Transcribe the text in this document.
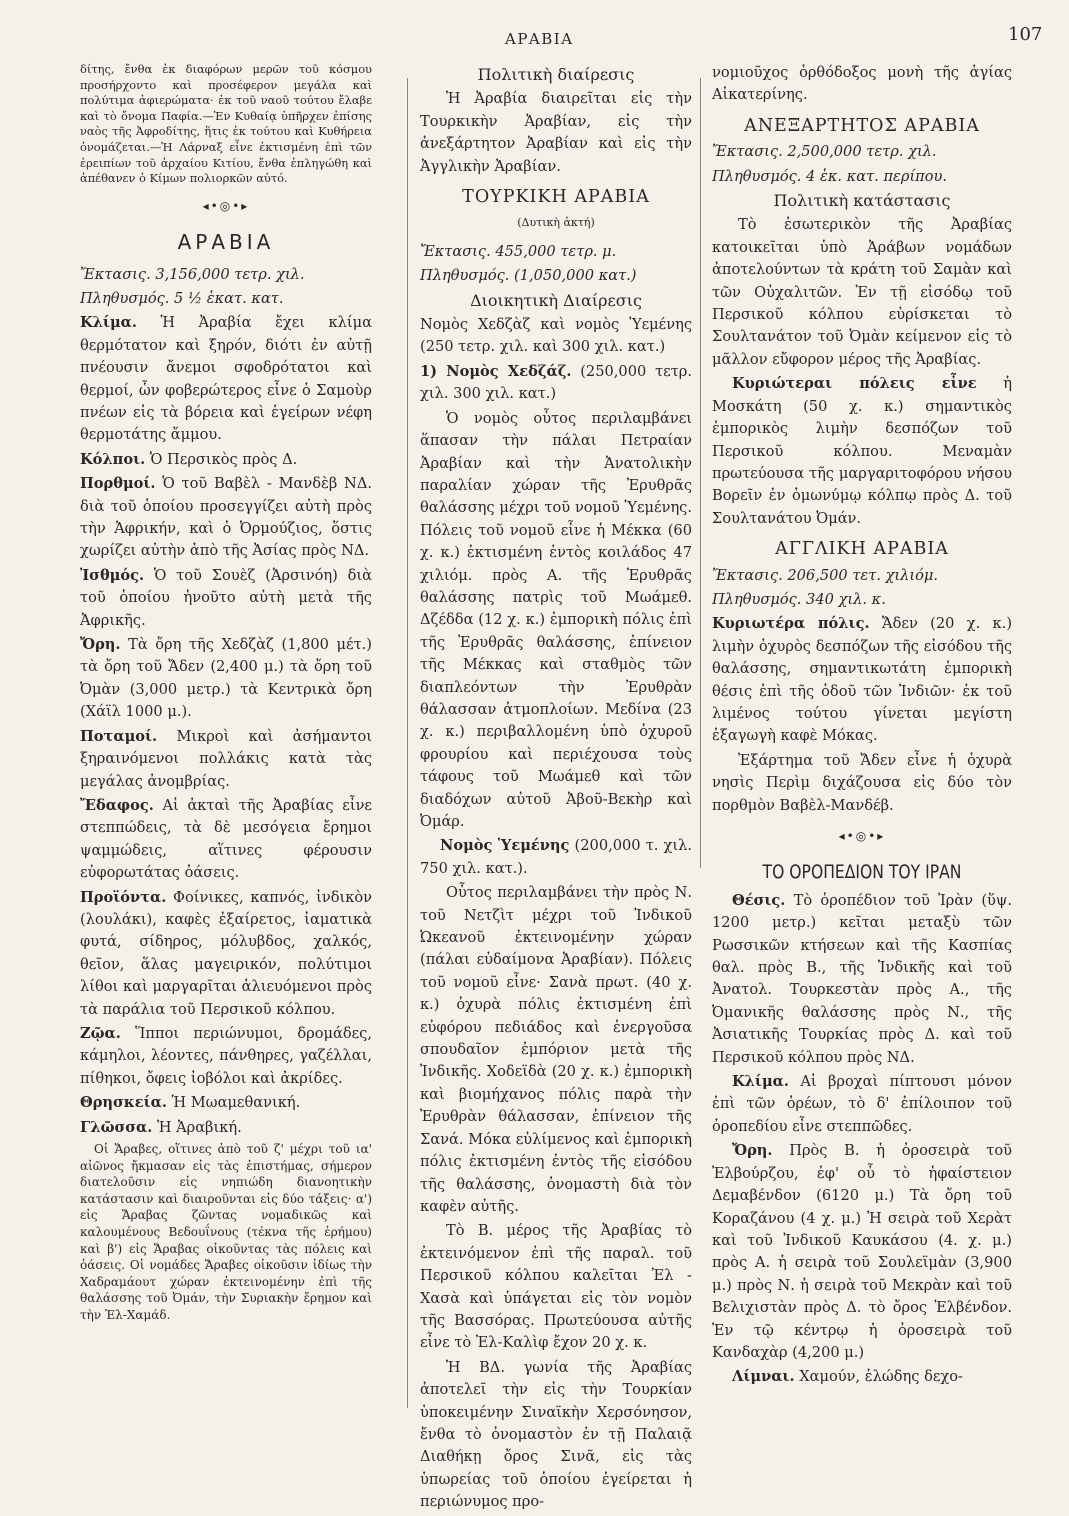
ΑΡΑΒΙΑ	107

δίτης, ἔνθα ἐκ διαφόρων μερῶν τοῦ κόσμου προσήρχοντο καὶ προσέφερον μεγάλα καὶ πολύτιμα ἀφιερώματα· ἐκ τοῦ ναοῦ τούτου ἔλαβε καὶ τὸ ὄνομα Παφία.—Ἐν Κυθαίᾳ ὑπῆρχεν ἐπίσης ναὸς τῆς Ἀφροδίτης, ἥτις ἐκ τούτου καὶ Κυθήρεια ὀνομάζεται.—Ἡ Λάρναξ εἶνε ἐκτισμένη ἐπὶ τῶν ἐρειπίων τοῦ ἀρχαίου Κιτίου, ἔνθα ἐπληγώθη καὶ ἀπέθανεν ὁ Κίμων πολιορκῶν αὐτό.

◂•◎•▸
ΑΡΑΒΙΑ

Ἔκτασις. 3,156,000 τετρ. χιλ.

Πληθυσμός. 5 ½ ἑκατ. κατ.

Κλίμα. Ἡ Ἀραβία ἔχει κλίμα θερμότατον καὶ ξηρόν, διότι ἐν αὐτῇ πνέουσιν ἄνεμοι σφοδρότατοι καὶ θερμοί, ὧν φοβερώτερος εἶνε ὁ Σαμοὺρ πνέων εἰς τὰ βόρεια καὶ ἐγείρων νέφη θερμοτάτης ἄμμου.

Κόλποι. Ὁ Περσικὸς πρὸς Δ.

Πορθμοί. Ὁ τοῦ Βαβὲλ - Μανδὲβ ΝΔ. διὰ τοῦ ὁποίου προσεγγίζει αὐτὴ πρὸς τὴν Ἀφρικήν, καὶ ὁ Ὀρμούζιος, ὅστις χωρίζει αὐτὴν ἀπὸ τῆς Ἀσίας πρὸς ΝΔ.

Ἰσθμός. Ὁ τοῦ Σουὲζ (Ἀρσινόη) διὰ τοῦ ὁποίου ἡνοῦτο αὐτὴ μετὰ τῆς Ἀφρικῆς.

Ὄρη. Τὰ ὄρη τῆς Χεδζὰζ (1,800 μέτ.) τὰ ὄρη τοῦ Ἄδεν (2,400 μ.) τὰ ὄρη τοῦ Ὀμὰν (3,000 μετρ.) τὰ Κεντρικὰ ὄρη (Χάϊλ 1000 μ.).

Ποταμοί. Μικροὶ καὶ ἀσήμαντοι ξηραινόμενοι πολλάκις κατὰ τὰς μεγάλας ἀνομβρίας.

Ἔδαφος. Αἱ ἀκταὶ τῆς Ἀραβίας εἶνε στεππώδεις, τὰ δὲ μεσόγεια ἔρημοι ψαμμώδεις, αἵτινες φέρουσιν εὐφορωτάτας ὀάσεις.

Προϊόντα. Φοίνικες, καπνός, ἰνδικὸν (λουλάκι), καφὲς ἐξαίρετος, ἰαματικὰ φυτά, σίδηρος, μόλυβδος, χαλκός, θεῖον, ἅλας μαγειρικόν, πολύτιμοι λίθοι καὶ μαργαρῖται ἁλιευόμενοι πρὸς τὰ παράλια τοῦ Περσικοῦ κόλπου.

Ζῷα. Ἵπποι περιώνυμοι, δρομάδες, κάμηλοι, λέοντες, πάνθηρες, γαζέλλαι, πίθηκοι, ὄφεις ἰοβόλοι καὶ ἀκρίδες.

Θρησκεία. Ἡ Μωαμεθανική.

Γλῶσσα. Ἡ Ἀραβική.

Οἱ Ἄραβες, οἵτινες ἀπὸ τοῦ ζ' μέχρι τοῦ ια' αἰῶνος ἤκμασαν εἰς τὰς ἐπιστήμας, σήμερον διατελοῦσιν εἰς νηπιώδη διανοητικὴν κατάστασιν καὶ διαιροῦνται εἰς δύο τάξεις· α') εἰς Ἄραβας ζῶντας νομαδικῶς καὶ καλουμένους Βεδουΐνους (τέκνα τῆς ἐρήμου) καὶ β') εἰς Ἄραβας οἰκοῦντας τὰς πόλεις καὶ ὀάσεις. Οἱ νομάδες Ἄραβες οἰκοῦσιν ἰδίως τὴν Χαδραμάουτ χώραν ἐκτεινομένην ἐπὶ τῆς θαλάσσης τοῦ Ὀμάν, τὴν Συριακὴν ἔρημον καὶ τὴν Ἐλ-Χαμάδ.

Πολιτικὴ διαίρεσις

Ἡ Ἀραβία διαιρεῖται εἰς τὴν Τουρκικὴν Ἀραβίαν, εἰς τὴν ἀνεξάρτητον Ἀραβίαν καὶ εἰς τὴν Ἀγγλικὴν Ἀραβίαν.

ΤΟΥΡΚΙΚΗ ΑΡΑΒΙΑ
(Δυτικὴ ἀκτή)

Ἔκτασις. 455,000 τετρ. μ.

Πληθυσμός. (1,050,000 κατ.)

Διοικητικὴ Διαίρεσις

Νομὸς Χεδζὰζ καὶ νομὸς Ὑεμένης (250 τετρ. χιλ. καὶ 300 χιλ. κατ.)

1) Νομὸς Χεδζάζ. (250,000 τετρ. χιλ. 300 χιλ. κατ.)

Ὁ νομὸς οὗτος περιλαμβάνει ἅπασαν τὴν πάλαι Πετραίαν Ἀραβίαν καὶ τὴν Ἀνατολικὴν παραλίαν χώραν τῆς Ἐρυθρᾶς θαλάσσης μέχρι τοῦ νομοῦ Ὑεμένης. Πόλεις τοῦ νομοῦ εἶνε ἡ Μέκκα (60 χ. κ.) ἐκτισμένη ἐντὸς κοιλάδος 47 χιλιόμ. πρὸς Α. τῆς Ἐρυθρᾶς θαλάσσης πατρὶς τοῦ Μωάμεθ. Δζέδδα (12 χ. κ.) ἐμπορικὴ πόλις ἐπὶ τῆς Ἐρυθρᾶς θαλάσσης, ἐπίνειον τῆς Μέκκας καὶ σταθμὸς τῶν διαπλεόντων τὴν Ἐρυθρὰν θάλασσαν ἀτμοπλοίων. Μεδίνα (23 χ. κ.) περιβαλλομένη ὑπὸ ὀχυροῦ φρουρίου καὶ περιέχουσα τοὺς τάφους τοῦ Μωάμεθ καὶ τῶν διαδόχων αὐτοῦ Ἀβοῦ-Βεκὴρ καὶ Ὀμάρ.

Νομὸς Ὑεμένης (200,000 τ. χιλ. 750 χιλ. κατ.).

Οὗτος περιλαμβάνει τὴν πρὸς Ν. τοῦ Νετζὶτ μέχρι τοῦ Ἰνδικοῦ Ὠκεανοῦ ἐκτεινομένην χώραν (πάλαι εὐδαίμονα Ἀραβίαν). Πόλεις τοῦ νομοῦ εἶνε· Σανὰ πρωτ. (40 χ. κ.) ὀχυρὰ πόλις ἐκτισμένη ἐπὶ εὐφόρου πεδιάδος καὶ ἐνεργοῦσα σπουδαῖον ἐμπόριον μετὰ τῆς Ἰνδικῆς. Χοδεϊδὰ (20 χ. κ.) ἐμπορικὴ καὶ βιομήχανος πόλις παρὰ τὴν Ἐρυθρὰν θάλασσαν, ἐπίνειον τῆς Σανά. Μόκα εὐλίμενος καὶ ἐμπορικὴ πόλις ἐκτισμένη ἐντὸς τῆς εἰσόδου τῆς θαλάσσης, ὀνομαστὴ διὰ τὸν καφὲν αὐτῆς.

Τὸ Β. μέρος τῆς Ἀραβίας τὸ ἐκτεινόμενον ἐπὶ τῆς παραλ. τοῦ Περσικοῦ κόλπου καλεῖται Ἐλ - Χασὰ καὶ ὑπάγεται εἰς τὸν νομὸν τῆς Βασσόρας. Πρωτεύουσα αὐτῆς εἶνε τὸ Ἐλ-Καλὶφ ἔχον 20 χ. κ.

Ἡ ΒΔ. γωνία τῆς Ἀραβίας ἀποτελεῖ τὴν εἰς τὴν Τουρκίαν ὑποκειμένην Σιναϊκὴν Χερσόνησον, ἔνθα τὸ ὀνομαστὸν ἐν τῇ Παλαιᾷ Διαθήκῃ ὄρος Σινᾶ, εἰς τὰς ὑπωρείας τοῦ ὁποίου ἐγείρεται ἡ περιώνυμος προ-

νομιοῦχος ὀρθόδοξος μονὴ τῆς ἁγίας Αἰκατερίνης.

ΑΝΕΞΑΡΤΗΤΟΣ ΑΡΑΒΙΑ

Ἔκτασις. 2,500,000 τετρ. χιλ.

Πληθυσμός. 4 ἑκ. κατ. περίπου.

Πολιτικὴ κατάστασις

Τὸ ἐσωτερικὸν τῆς Ἀραβίας κατοικεῖται ὑπὸ Ἀράβων νομάδων ἀποτελούντων τὰ κράτη τοῦ Σαμὰν καὶ τῶν Οὐχαλιτῶν. Ἐν τῇ εἰσόδῳ τοῦ Περσικοῦ κόλπου εὑρίσκεται τὸ Σουλτανάτον τοῦ Ὀμὰν κείμενον εἰς τὸ μᾶλλον εὔφορον μέρος τῆς Ἀραβίας.

Κυριώτεραι πόλεις εἶνε ἡ Μοσκάτη (50 χ. κ.) σημαντικὸς ἐμπορικὸς λιμὴν δεσπόζων τοῦ Περσικοῦ κόλπου. Μεναμὰν πρωτεύουσα τῆς μαργαριτοφόρου νήσου Βορεῖν ἐν ὁμωνύμῳ κόλπῳ πρὸς Δ. τοῦ Σουλτανάτου Ὀμάν.

ΑΓΓΛΙΚΗ ΑΡΑΒΙΑ

Ἔκτασις. 206,500 τετ. χιλιόμ.

Πληθυσμός. 340 χιλ. κ.

Κυριωτέρα πόλις. Ἄδεν (20 χ. κ.) λιμὴν ὀχυρὸς δεσπόζων τῆς εἰσόδου τῆς θαλάσσης, σημαντικωτάτη ἐμπορικὴ θέσις ἐπὶ τῆς ὁδοῦ τῶν Ἰνδιῶν· ἐκ τοῦ λιμένος τούτου γίνεται μεγίστη ἐξαγωγὴ καφὲ Μόκας.

Ἐξάρτημα τοῦ Ἄδεν εἶνε ἡ ὀχυρὰ νησὶς Περὶμ διχάζουσα εἰς δύο τὸν πορθμὸν Βαβὲλ-Μανδέβ.

◂•◎•▸
ΤΟ ΟΡΟΠΕΔΙΟΝ ΤΟΥ ΙΡΑΝ

Θέσις. Τὸ ὀροπέδιον τοῦ Ἰρὰν (ὕψ. 1200 μετρ.) κεῖται μεταξὺ τῶν Ρωσσικῶν κτήσεων καὶ τῆς Κασπίας θαλ. πρὸς Β., τῆς Ἰνδικῆς καὶ τοῦ Ἀνατολ. Τουρκεστὰν πρὸς Α., τῆς Ὀμανικῆς θαλάσσης πρὸς Ν., τῆς Ἀσιατικῆς Τουρκίας πρὸς Δ. καὶ τοῦ Περσικοῦ κόλπου πρὸς ΝΔ.

Κλίμα. Αἱ βροχαὶ πίπτουσι μόνον ἐπὶ τῶν ὀρέων, τὸ δ' ἐπίλοιπον τοῦ ὀροπεδίου εἶνε στεππῶδες.

Ὄρη. Πρὸς Β. ἡ ὀροσειρὰ τοῦ Ἐλβούρζου, ἐφ' οὗ τὸ ἡφαίστειον Δεμαβένδον (6120 μ.) Τὰ ὄρη τοῦ Κοραζάνου (4 χ. μ.) Ἡ σειρὰ τοῦ Χερὰτ καὶ τοῦ Ἰνδικοῦ Καυκάσου (4. χ. μ.) πρὸς Α. ἡ σειρὰ τοῦ Σουλεϊμὰν (3,900 μ.) πρὸς Ν. ἡ σειρὰ τοῦ Μεκρὰν καὶ τοῦ Βελιχιστὰν πρὸς Δ. τὸ ὄρος Ἐλβένδον. Ἐν τῷ κέντρῳ ἡ ὀροσειρὰ τοῦ Κανδαχὰρ (4,200 μ.)

Λίμναι. Χαμούν, ἑλώδης δεχο-
